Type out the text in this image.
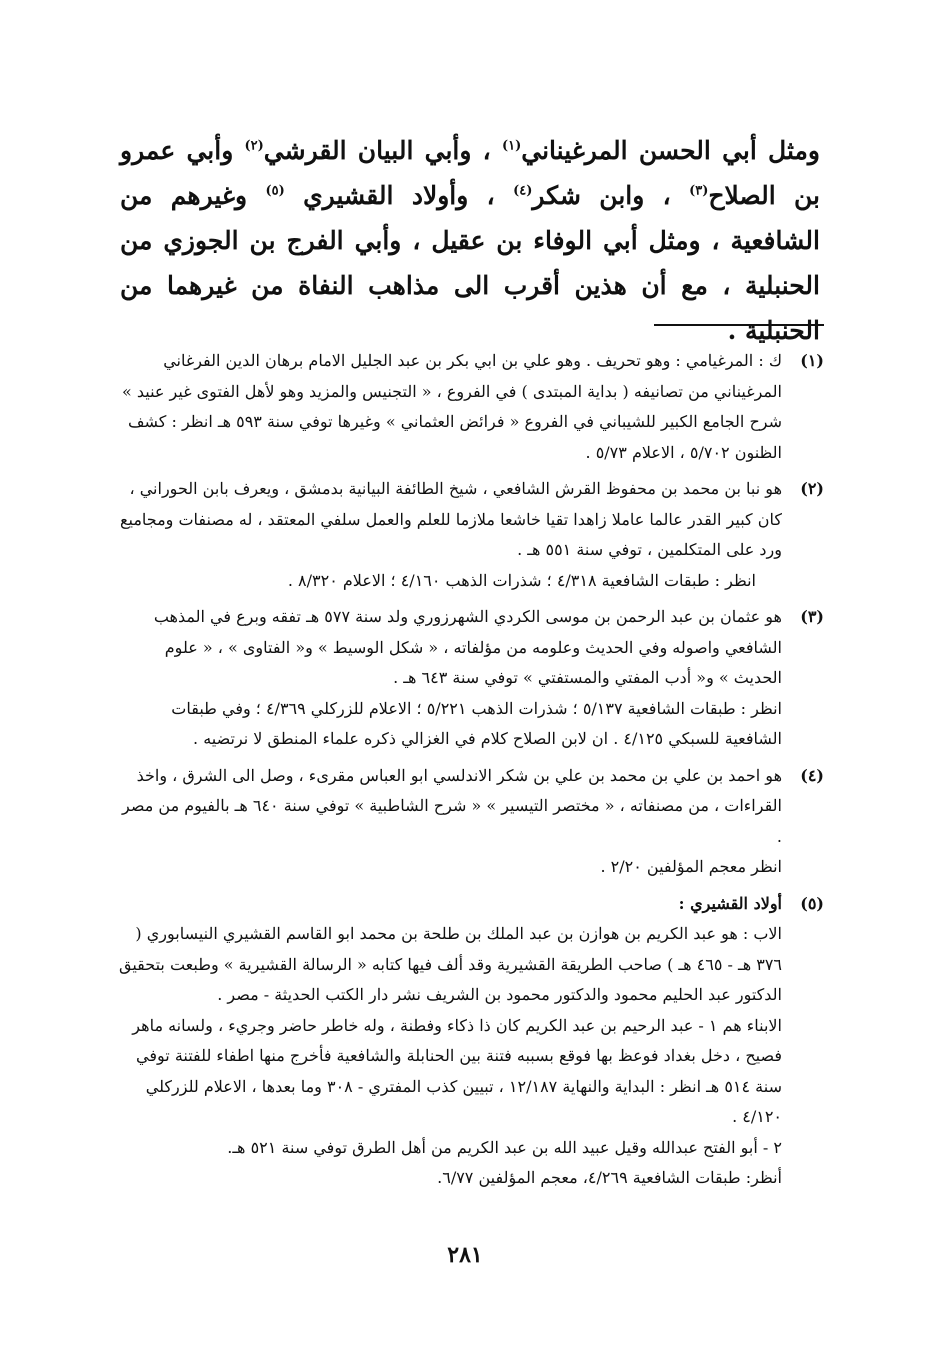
ومثل أبي الحسن المرغيناني$^{(١)}$ ، وأبي البيان القرشي$^{(٢)}$ وأبي عمرو بن الصلاح$^{(٣)}$ ، وابن شكر$^{(٤)}$ ، وأولاد القشيري $^{(٥)}$ وغيرهم من الشافعية ، ومثل أبي الوفاء بن عقيل ، وأبي الفرج بن الجوزي من الحنبلية ، مع أن هذين أقرب الى مذاهب النفاة من غيرهما من الحنبلية .

(١)

ك : المرغيامي : وهو تحريف . وهو علي بن ابي بكر بن عبد الجليل الامام برهان الدين الفرغاني المرغيناني من تصانيفه ( بداية المبتدى ) في الفروع ، « التجنيس والمزيد وهو لأهل الفتوى غير عنيد » شرح الجامع الكبير للشيباني في الفروع « فرائض العثماني » وغيرها توفي سنة ٥٩٣ هـ انظر : كشف الظنون ٥/٧٠٢ ، الاعلام ٥/٧٣ .

(٢)

هو نبا بن محمد بن محفوظ القرش الشافعي ، شيخ الطائفة البيانية بدمشق ، ويعرف بابن الحوراني ، كان كبير القدر عالما عاملا زاهدا تقيا خاشعا ملازما للعلم والعمل سلفي المعتقد ، له مصنفات ومجاميع ورد على المتكلمين ، توفي سنة ٥٥١ هـ .

انظر : طبقات الشافعية ٤/٣١٨ ؛ شذرات الذهب ٤/١٦٠ ؛ الاعلام ٨/٣٢٠ .

(٣)

هو عثمان بن عبد الرحمن بن موسى الكردي الشهرزوري ولد سنة ٥٧٧ هـ تفقه وبرع في المذهب الشافعي واصوله وفي الحديث وعلومه من مؤلفاته ، « شكل الوسيط » و« الفتاوى » ، « علوم الحديث » و« أدب المفتي والمستفتي » توفي سنة ٦٤٣ هـ .

انظر : طبقات الشافعية ٥/١٣٧ ؛ شذرات الذهب ٥/٢٢١ ؛ الاعلام للزركلي ٤/٣٦٩ ؛ وفي طبقات الشافعية للسبكي ٤/١٢٥ . ان لابن الصلاح كلام في الغزالي ذكره علماء المنطق لا نرتضيه .

(٤)

هو احمد بن علي بن محمد بن علي بن شكر الاندلسي ابو العباس مقرىء ، وصل الى الشرق ، واخذ القراءات ، من مصنفاته ، « مختصر التيسير » « شرح الشاطبية » توفي سنة ٦٤٠ هـ بالفيوم من مصر .

انظر معجم المؤلفين ٢/٢٠ .

(٥)

أولاد القشيري :

الاب : هو عبد الكريم بن هوازن بن عبد الملك بن طلحة بن محمد ابو القاسم القشيري النيسابوري ( ٣٧٦ هـ - ٤٦٥ هـ ) صاحب الطريقة القشيرية وقد ألف فيها كتابه « الرسالة القشيرية » وطبعت بتحقيق الدكتور عبد الحليم محمود والدكتور محمود بن الشريف نشر دار الكتب الحديثة - مصر .

الابناء هم ١ - عبد الرحيم بن عبد الكريم كان ذا ذكاء وفطنة ، وله خاطر حاضر وجريء ، ولسانه ماهر فصيح ، دخل بغداد فوعظ بها فوقع بسببه فتنة بين الحنابلة والشافعية فأخرج منها اطفاء للفتنة توفي سنة ٥١٤ هـ انظر : البداية والنهاية ١٢/١٨٧ ، تبيين كذب المفتري - ٣٠٨ وما بعدها ، الاعلام للزركلي ٤/١٢٠ .

٢ - أبو الفتح عبدالله وقيل عبيد الله بن عبد الكريم من أهل الطرق توفي سنة ٥٢١ هـ.

أنظر: طبقات الشافعية ٤/٢٦٩، معجم المؤلفين ٦/٧٧.

٢٨١
